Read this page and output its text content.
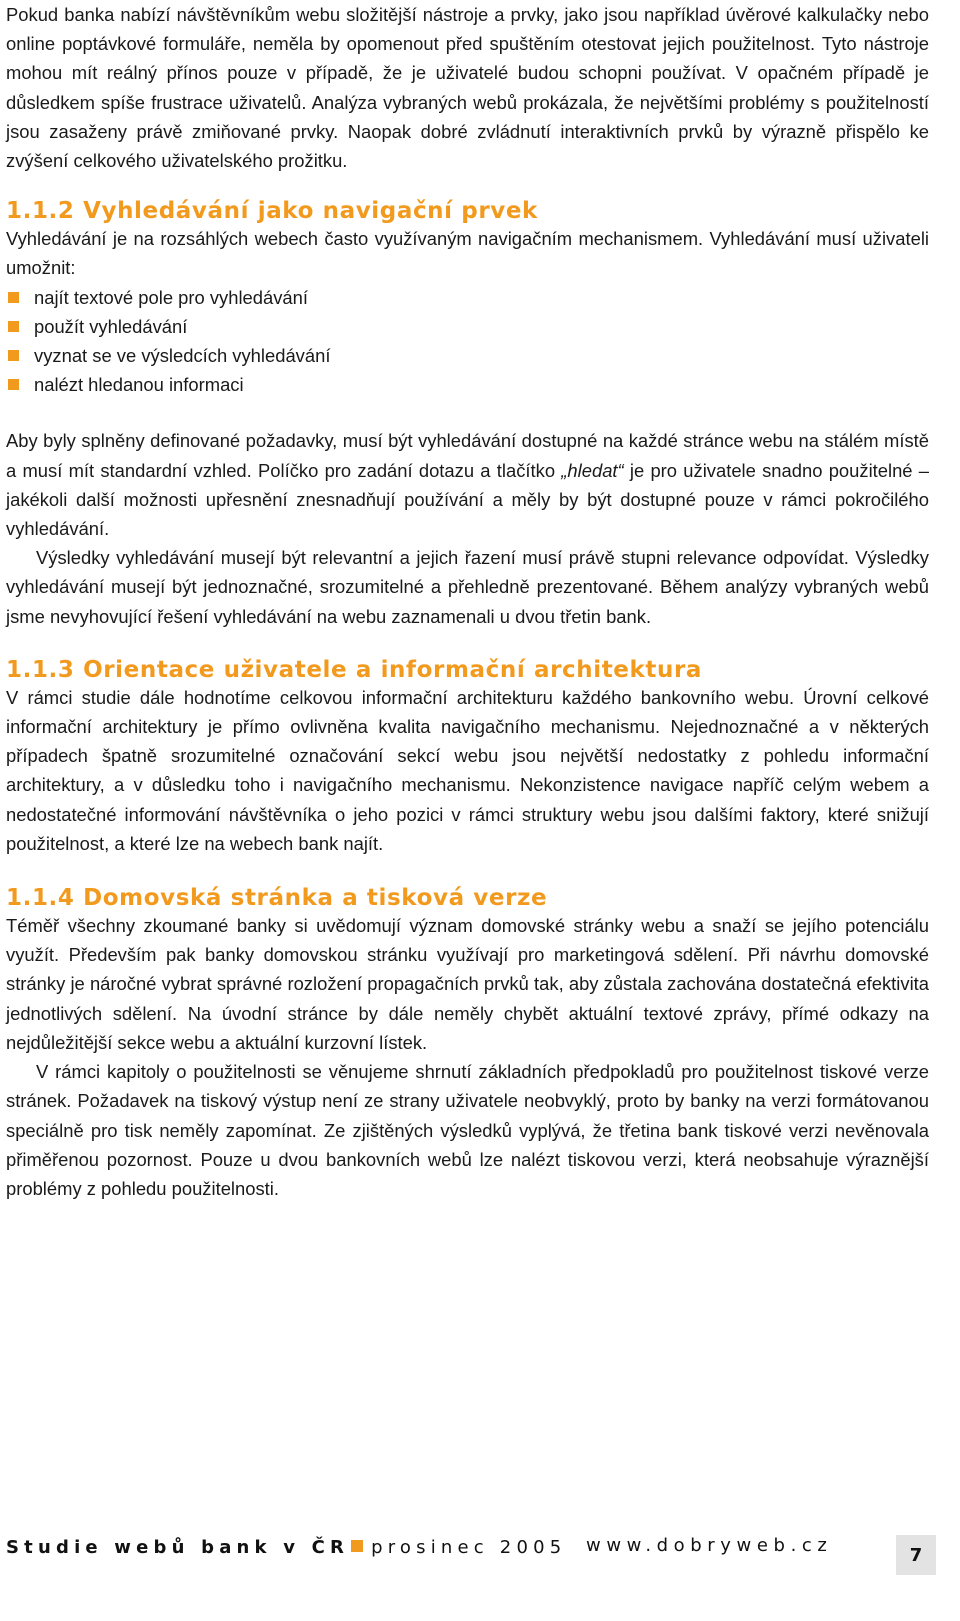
Pokud banka nabízí návštěvníkům webu složitější nástroje a prvky, jako jsou například úvěrové kalkulačky nebo online poptávkové formuláře, neměla by opomenout před spuštěním otestovat jejich použitelnost. Tyto nástroje mohou mít reálný přínos pouze v případě, že je uživatelé budou schopni používat. V opačném případě je důsledkem spíše frustrace uživatelů. Analýza vybraných webů prokázala, že největšími problémy s použitelností jsou zasaženy právě zmiňované prvky. Naopak dobré zvládnutí interaktivních prvků by výrazně přispělo ke zvýšení celkového uživatelského prožitku.

1.1.2 Vyhledávání jako navigační prvek

Vyhledávání je na rozsáhlých webech často využívaným navigačním mechanismem. Vyhledávání musí uživateli umožnit:

najít textové pole pro vyhledávání
použít vyhledávání
vyznat se ve výsledcích vyhledávání
nalézt hledanou informaci

Aby byly splněny definované požadavky, musí být vyhledávání dostupné na každé stránce webu na stálém místě a musí mít standardní vzhled. Políčko pro zadání dotazu a tlačítko „hledat“ je pro uživatele snadno použitelné – jakékoli další možnosti upřesnění znesnadňují používání a měly by být dostupné pouze v rámci pokročilého vyhledávání.

Výsledky vyhledávání musejí být relevantní a jejich řazení musí právě stupni relevance odpovídat. Výsledky vyhledávání musejí být jednoznačné, srozumitelné a přehledně prezentované. Během analýzy vybraných webů jsme nevyhovující řešení vyhledávání na webu zaznamenali u dvou třetin bank.

1.1.3 Orientace uživatele a informační architektura

V rámci studie dále hodnotíme celkovou informační architekturu každého bankovního webu. Úrovní celkové informační architektury je přímo ovlivněna kvalita navigačního mechanismu. Nejednoznačné a v některých případech špatně srozumitelné označování sekcí webu jsou největší nedostatky z pohledu informační architektury, a v důsledku toho i navigačního mechanismu. Nekonzistence navigace napříč celým webem a nedostatečné informování návštěvníka o jeho pozici v rámci struktury webu jsou dalšími faktory, které snižují použitelnost, a které lze na webech bank najít.

1.1.4 Domovská stránka a tisková verze

Téměř všechny zkoumané banky si uvědomují význam domovské stránky webu a snaží se jejího potenciálu využít. Především pak banky domovskou stránku využívají pro marketingová sdělení. Při návrhu domovské stránky je náročné vybrat správné rozložení propagačních prvků tak, aby zůstala zachována dostatečná efektivita jednotlivých sdělení. Na úvodní stránce by dále neměly chybět aktuální textové zprávy, přímé odkazy na nejdůležitější sekce webu a aktuální kurzovní lístek.

V rámci kapitoly o použitelnosti se věnujeme shrnutí základních předpokladů pro použitelnost tiskové verze stránek. Požadavek na tiskový výstup není ze strany uživatele neobvyklý, proto by banky na verzi formátovanou speciálně pro tisk neměly zapomínat. Ze zjištěných výsledků vyplývá, že třetina bank tiskové verzi nevěnovala přiměřenou pozornost. Pouze u dvou bankovních webů lze nalézt tiskovou verzi, která neobsahuje výraznější problémy z pohledu použitelnosti.

Studie webů bank v ČR prosinec 2005 www.dobryweb.cz	7
